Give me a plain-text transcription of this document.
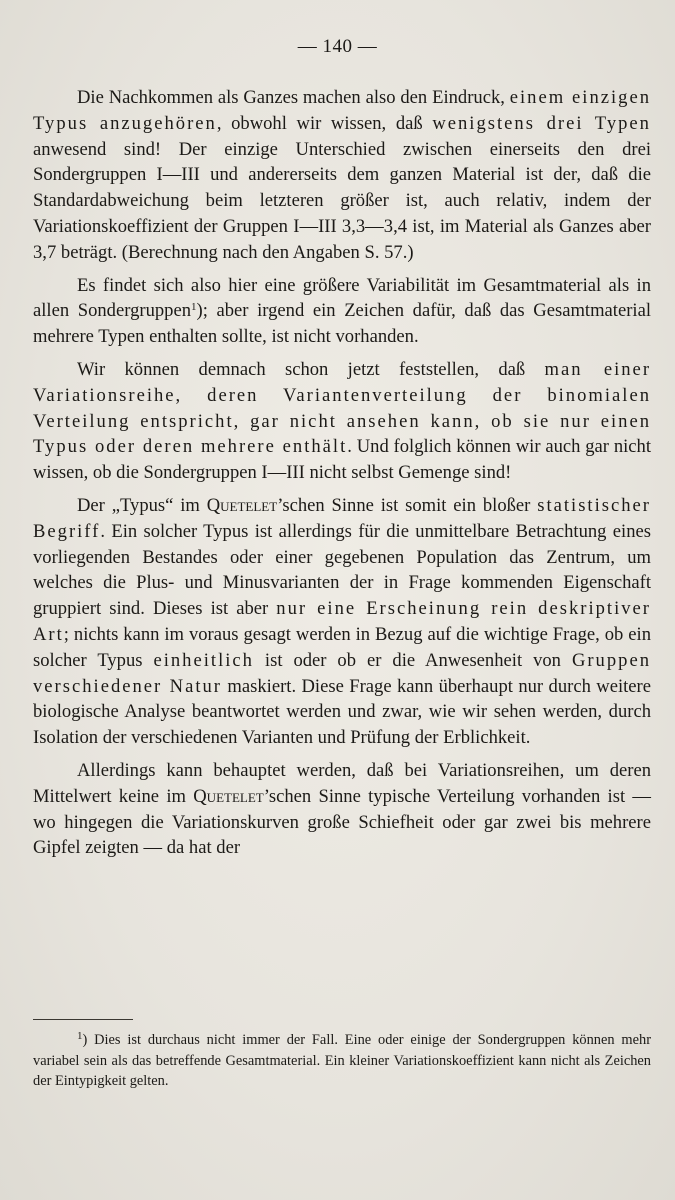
— 140 —

Die Nachkommen als Ganzes machen also den Eindruck, einem einzigen Typus anzugehören, obwohl wir wissen, daß wenigstens drei Typen anwesend sind! Der einzige Unterschied zwischen einerseits den drei Sondergruppen I—III und andererseits dem ganzen Material ist der, daß die Standardabweichung beim letzteren größer ist, auch relativ, indem der Variationskoeffizient der Gruppen I—III 3,3—3,4 ist, im Material als Ganzes aber 3,7 beträgt. (Berechnung nach den Angaben S. 57.)

Es findet sich also hier eine größere Variabilität im Gesamtmaterial als in allen Sondergruppen$^1$); aber irgend ein Zeichen dafür, daß das Gesamtmaterial mehrere Typen enthalten sollte, ist nicht vorhanden.

Wir können demnach schon jetzt feststellen, daß man einer Variationsreihe, deren Variantenverteilung der binomialen Verteilung entspricht, gar nicht ansehen kann, ob sie nur einen Typus oder deren mehrere enthält. Und folglich können wir auch gar nicht wissen, ob die Sondergruppen I—III nicht selbst Gemenge sind!

Der „Typus“ im Quetelet’schen Sinne ist somit ein bloßer statistischer Begriff. Ein solcher Typus ist allerdings für die unmittelbare Betrachtung eines vorliegenden Bestandes oder einer gegebenen Population das Zentrum, um welches die Plus- und Minusvarianten der in Frage kommenden Eigenschaft gruppiert sind. Dieses ist aber nur eine Erscheinung rein deskriptiver Art; nichts kann im voraus gesagt werden in Bezug auf die wichtige Frage, ob ein solcher Typus einheitlich ist oder ob er die Anwesenheit von Gruppen verschiedener Natur maskiert. Diese Frage kann überhaupt nur durch weitere biologische Analyse beantwortet werden und zwar, wie wir sehen werden, durch Isolation der verschiedenen Varianten und Prüfung der Erblichkeit.

Allerdings kann behauptet werden, daß bei Variationsreihen, um deren Mittelwert keine im Quetelet’schen Sinne typische Verteilung vorhanden ist — wo hingegen die Variationskurven große Schiefheit oder gar zwei bis mehrere Gipfel zeigten — da hat der

$^1$) Dies ist durchaus nicht immer der Fall. Eine oder einige der Sondergruppen können mehr variabel sein als das betreffende Gesamtmaterial. Ein kleiner Variationskoeffizient kann nicht als Zeichen der Eintypigkeit gelten.
